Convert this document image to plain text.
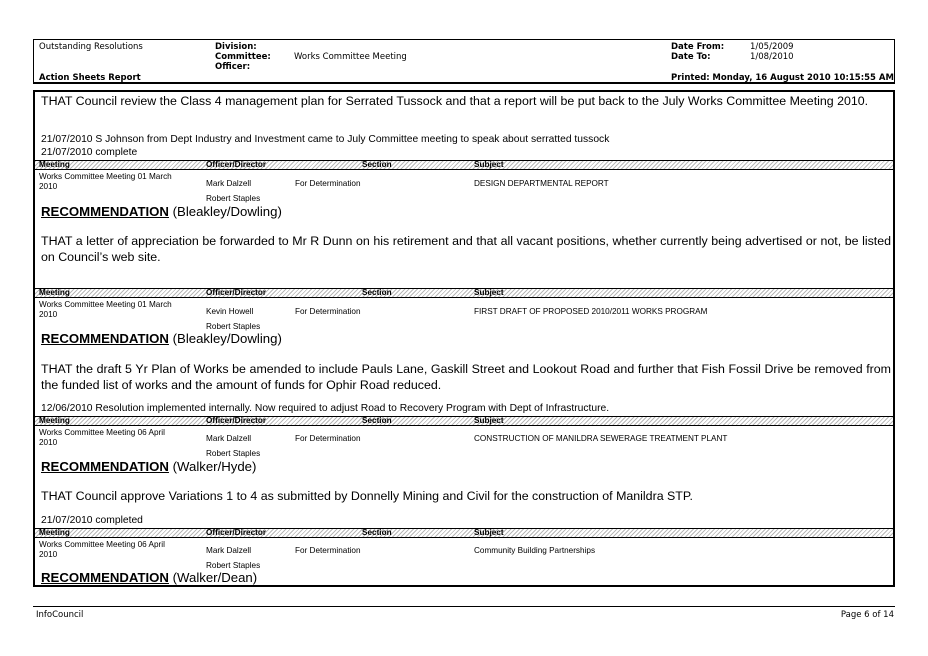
Outstanding Resolutions	Division:
Committee:	Works Committee Meeting
Officer:
Date From:	1/05/2009
Date To:	1/08/2010
Action Sheets Report	Printed: Monday, 16 August 2010 10:15:55 AM
THAT Council review the Class 4 management plan for Serrated Tussock and that a report will be put back to the July Works Committee Meeting 2010.
21/07/2010 S Johnson from Dept Industry and Investment came to July Committee meeting to speak about serratted tussock
21/07/2010 complete
Meeting	Officer/Director	Section	Subject
Works Committee Meeting 01 March
2010	Mark Dalzell	For Determination	DESIGN DEPARTMENTAL REPORT
Robert Staples
RECOMMENDATION (Bleakley/Dowling)
THAT a letter of appreciation be forwarded to Mr R Dunn on his retirement and that all vacant positions, whether currently being advertised or not, be listed on Council’s web site.
Meeting	Officer/Director	Section	Subject
Works Committee Meeting 01 March
2010	Kevin Howell	For Determination	FIRST DRAFT OF PROPOSED 2010/2011 WORKS PROGRAM
Robert Staples
RECOMMENDATION (Bleakley/Dowling)
THAT the draft 5 Yr Plan of Works be amended to include Pauls Lane, Gaskill Street and Lookout Road and further that Fish Fossil Drive be removed from the funded list of works and the amount of funds for Ophir Road reduced.
12/06/2010 Resolution implemented internally. Now required to adjust Road to Recovery Program with Dept of Infrastructure.
Meeting	Officer/Director	Section	Subject
Works Committee Meeting 06 April
2010	Mark Dalzell	For Determination	CONSTRUCTION OF MANILDRA SEWERAGE TREATMENT PLANT
Robert Staples
RECOMMENDATION (Walker/Hyde)
THAT Council approve Variations 1 to 4 as submitted by Donnelly Mining and Civil for the construction of Manildra STP.
21/07/2010 completed
Meeting	Officer/Director	Section	Subject
Works Committee Meeting 06 April
2010	Mark Dalzell	For Determination	Community Building Partnerships
Robert Staples
RECOMMENDATION (Walker/Dean)
InfoCouncil	Page 6 of 14
